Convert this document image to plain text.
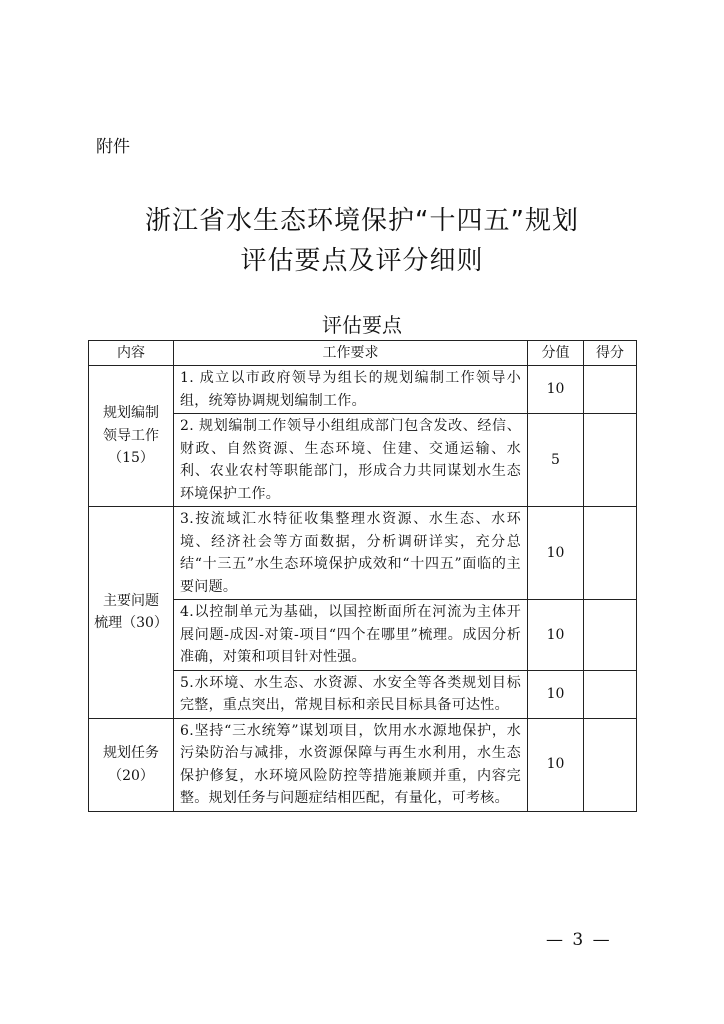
附件
浙江省水生态环境保护“十四五”规划
评估要点及评分细则
评估要点
内容	工作要求	分值	得分

规划编制
领导工作
（15）	1. 成立以市政府领导为组长的规划编制工作领导小组，统筹协调规划编制工作。	10	
	2. 规划编制工作领导小组组成部门包含发改、经信、财政、自然资源、生态环境、住建、交通运输、水利、农业农村等职能部门，形成合力共同谋划水生态环境保护工作。	5	

主要问题
梳理（30）	3.按流域汇水特征收集整理水资源、水生态、水环境、经济社会等方面数据，分析调研详实，充分总结“十三五”水生态环境保护成效和“十四五”面临的主要问题。	10	
	4.以控制单元为基础，以国控断面所在河流为主体开展问题-成因-对策-项目“四个在哪里”梳理。成因分析准确，对策和项目针对性强。	10	
	5.水环境、水生态、水资源、水安全等各类规划目标完整，重点突出，常规目标和亲民目标具备可达性。	10	

规划任务
（20）	6.坚持“三水统筹”谋划项目，饮用水水源地保护，水污染防治与减排，水资源保障与再生水利用，水生态保护修复，水环境风险防控等措施兼顾并重，内容完整。规划任务与问题症结相匹配，有量化，可考核。	10	
— 3 —
